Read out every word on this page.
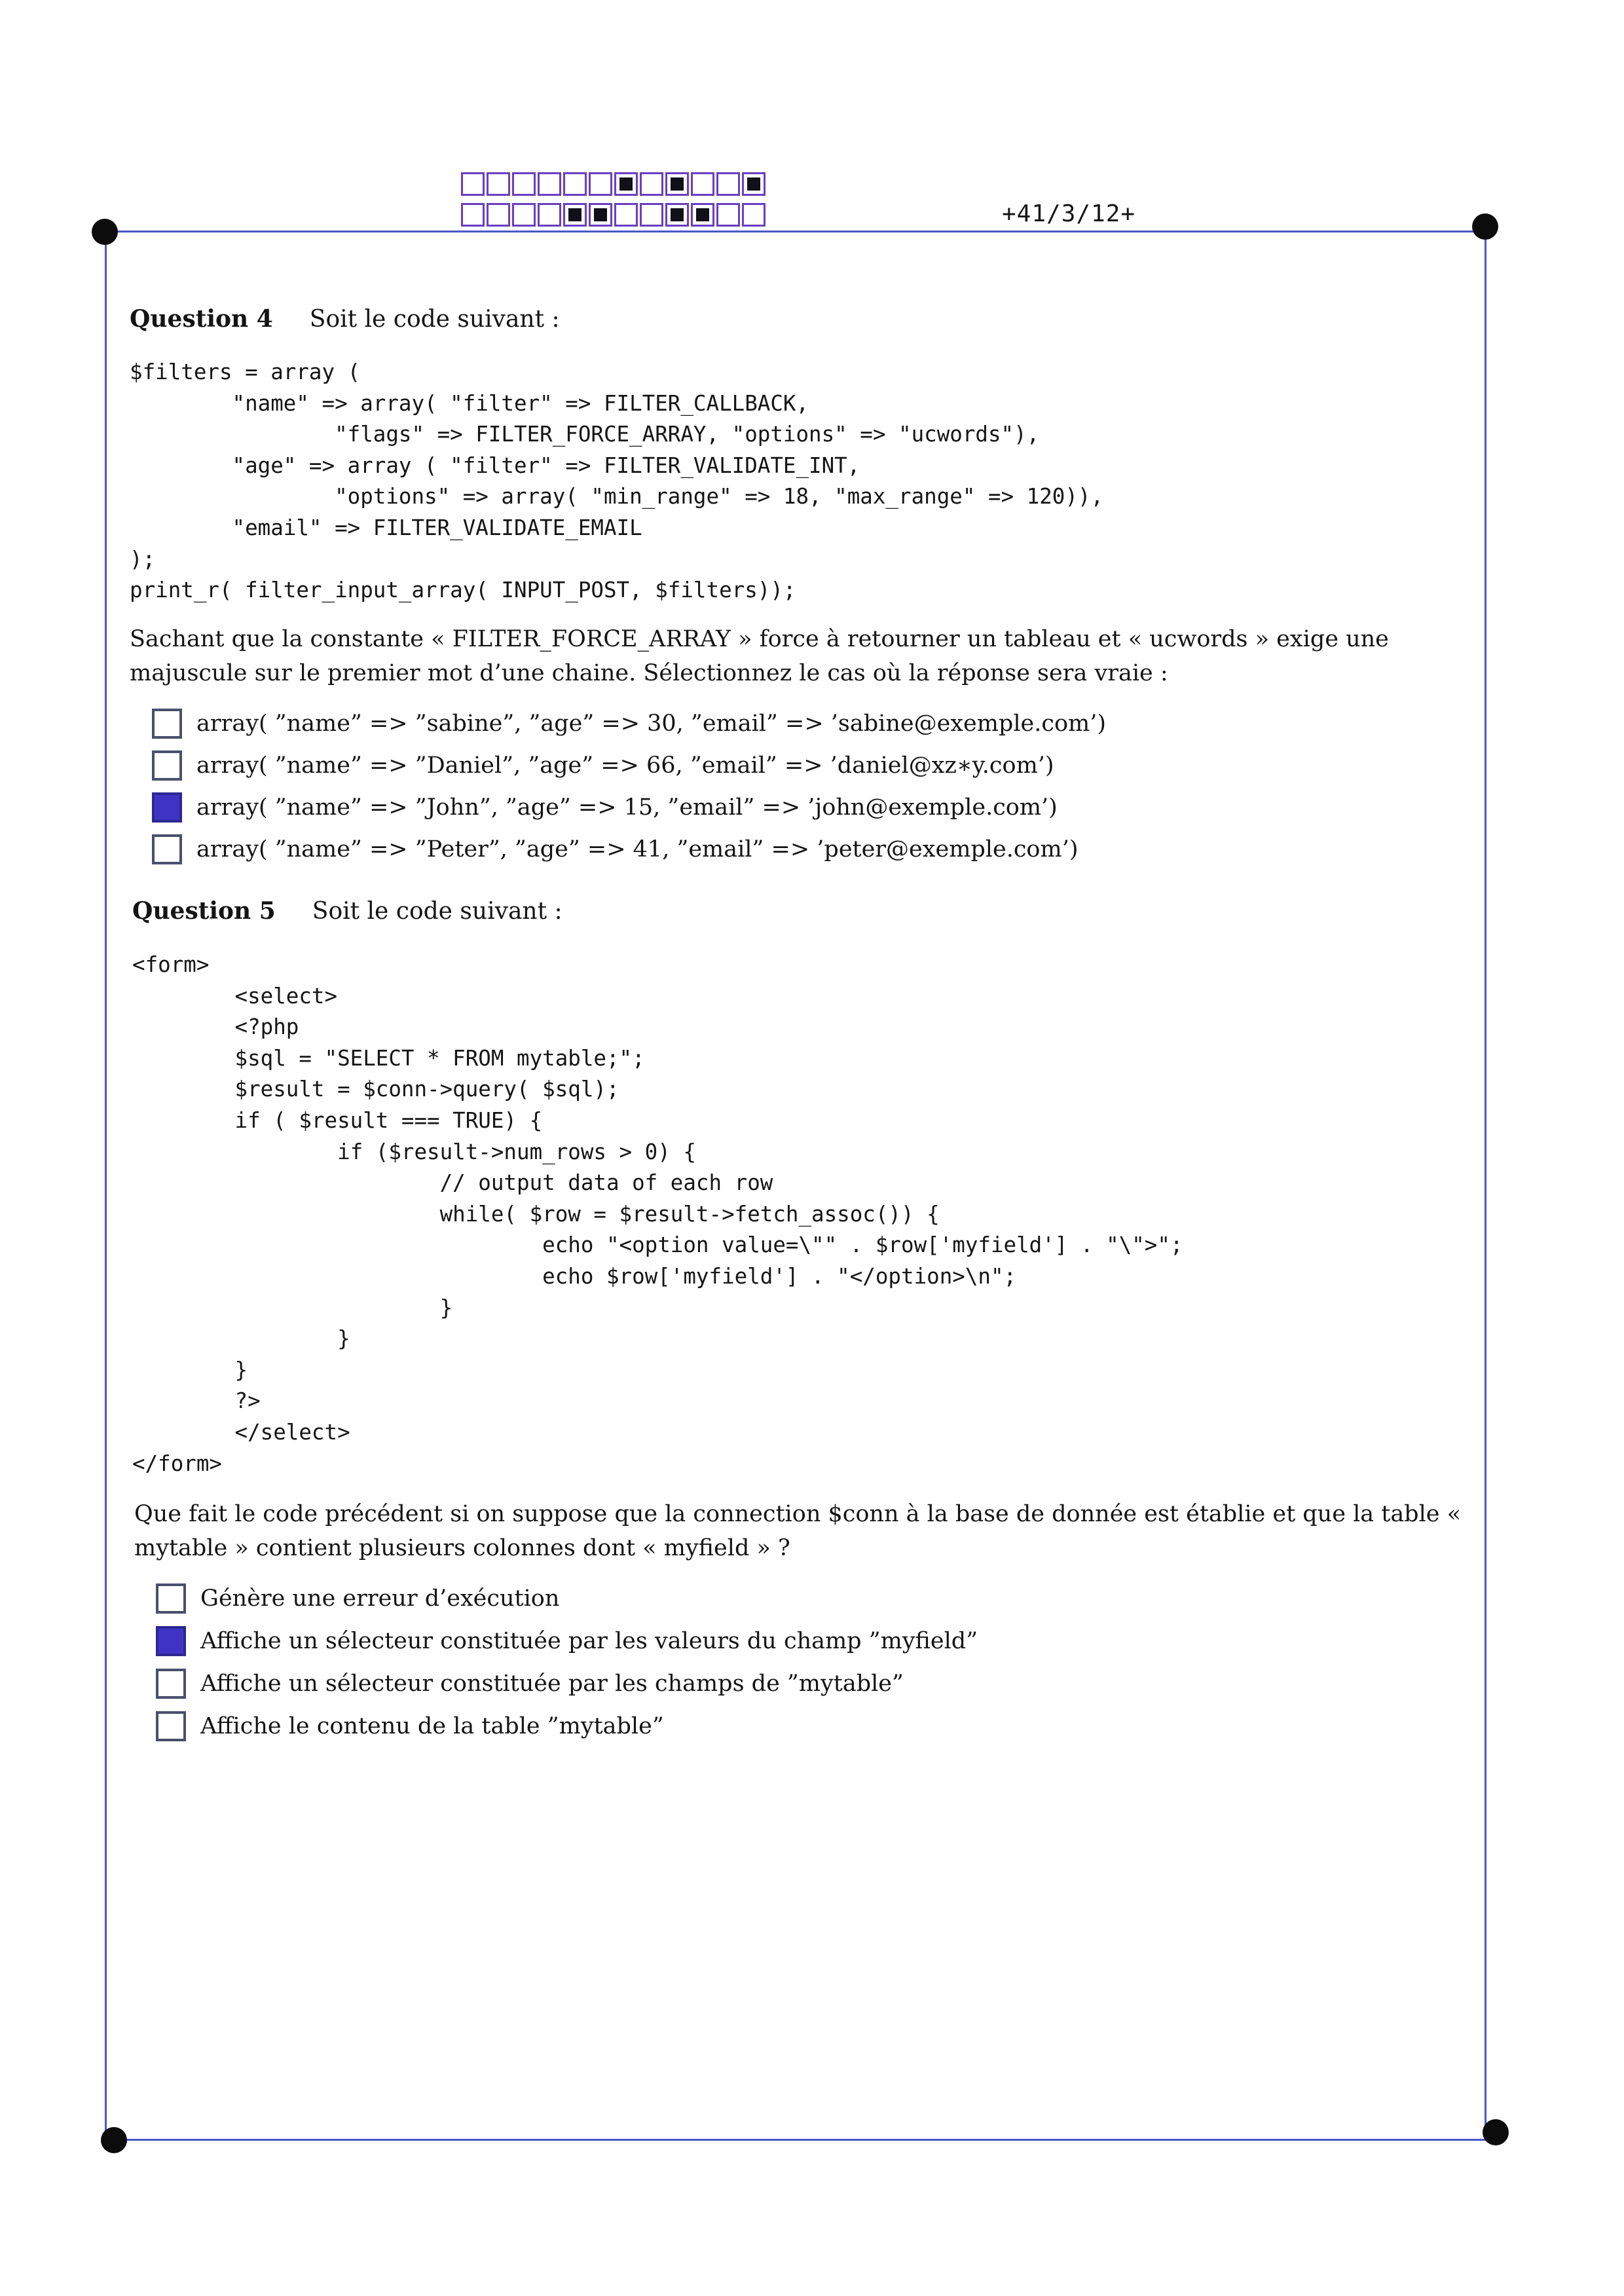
+41/3/12+
Question 4 Soit le code suivant :
$filters = array (
"name" => array( "filter" => FILTER_CALLBACK,
"flags" => FILTER_FORCE_ARRAY, "options" => "ucwords"),
"age" => array ( "filter" => FILTER_VALIDATE_INT,
"options" => array( "min_range" => 18, "max_range" => 120)),
"email" => FILTER_VALIDATE_EMAIL
);
print_r( filter_input_array( INPUT_POST, $filters));

Sachant que la constante « FILTER_FORCE_ARRAY » force à retourner un tableau et « ucwords » exige une majuscule sur le premier mot d’une chaine. Sélectionnez le cas où la réponse sera vraie :

array( ”name” => ”sabine”, ”age” => 30, ”email” => ’sabine@exemple.com’)
array( ”name” => ”Daniel”, ”age” => 66, ”email” => ’daniel@xz∗y.com’)
array( ”name” => ”John”, ”age” => 15, ”email” => ’john@exemple.com’)
array( ”name” => ”Peter”, ”age” => 41, ”email” => ’peter@exemple.com’)
Question 5 Soit le code suivant :
<form>
<select>
<?php
$sql = "SELECT * FROM mytable;";
$result = $conn->query( $sql);
if ( $result === TRUE) {
if ($result->num_rows > 0) {
// output data of each row
while( $row = $result->fetch_assoc()) {
echo "<option value=\"" . $row['myfield'] . "\">";
echo $row['myfield'] . "</option>\n";
}
}
}
?>
</select>
</form>

Que fait le code précédent si on suppose que la connection $conn à la base de donnée est établie et que la table « mytable » contient plusieurs colonnes dont « myfield » ?

Génère une erreur d’exécution
Affiche un sélecteur constituée par les valeurs du champ ”myfield”
Affiche un sélecteur constituée par les champs de ”mytable”
Affiche le contenu de la table ”mytable”
